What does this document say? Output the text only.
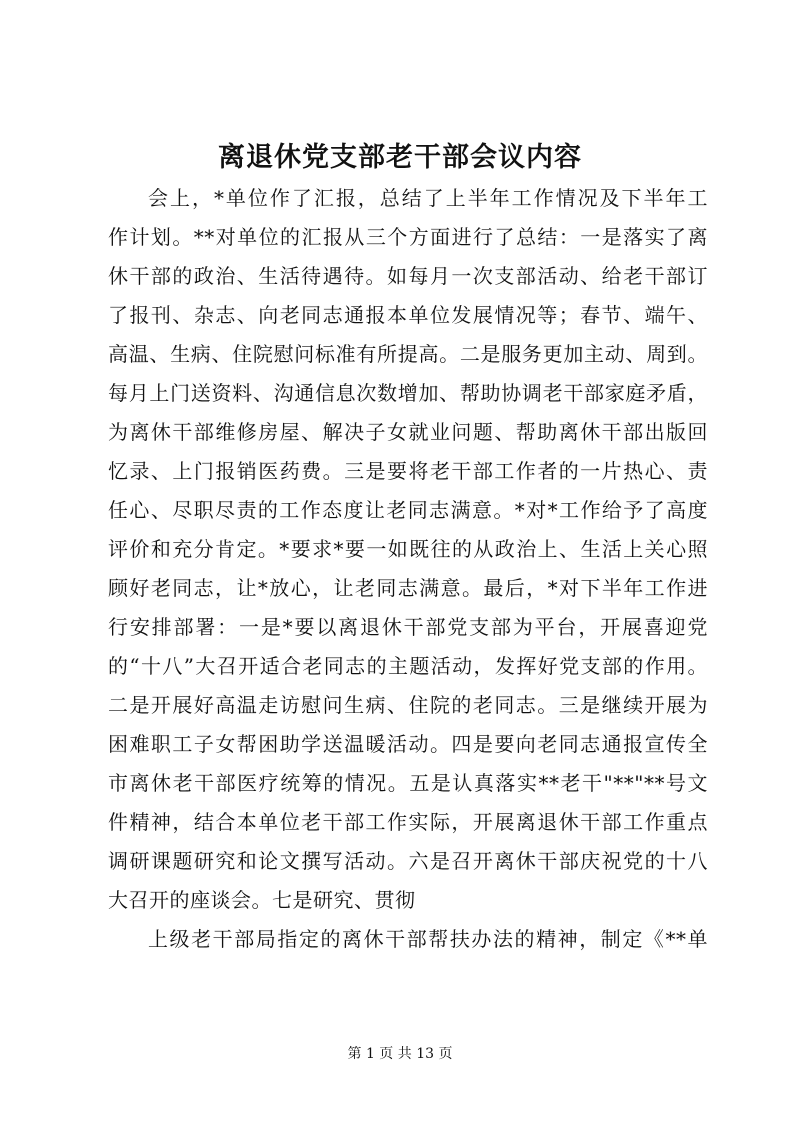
离退休党支部老干部会议内容
会上，*单位作了汇报，总结了上半年工作情况及下半年工
作计划。**对单位的汇报从三个方面进行了总结：一是落实了离
休干部的政治、生活待遇待。如每月一次支部活动、给老干部订
了报刊、杂志、向老同志通报本单位发展情况等；春节、端午、
高温、生病、住院慰问标准有所提高。二是服务更加主动、周到。
每月上门送资料、沟通信息次数增加、帮助协调老干部家庭矛盾，
为离休干部维修房屋、解决子女就业问题、帮助离休干部出版回
忆录、上门报销医药费。三是要将老干部工作者的一片热心、责
任心、尽职尽责的工作态度让老同志满意。*对*工作给予了高度
评价和充分肯定。*要求*要一如既往的从政治上、生活上关心照
顾好老同志，让*放心，让老同志满意。最后，*对下半年工作进
行安排部署：一是*要以离退休干部党支部为平台，开展喜迎党
的“十八”大召开适合老同志的主题活动，发挥好党支部的作用。
二是开展好高温走访慰问生病、住院的老同志。三是继续开展为
困难职工子女帮困助学送温暖活动。四是要向老同志通报宣传全
市离休老干部医疗统筹的情况。五是认真落实**老干"**"**号文
件精神，结合本单位老干部工作实际，开展离退休干部工作重点
调研课题研究和论文撰写活动。六是召开离休干部庆祝党的十八
大召开的座谈会。七是研究、贯彻
上级老干部局指定的离休干部帮扶办法的精神，制定《**单
第 1 页 共 13 页
